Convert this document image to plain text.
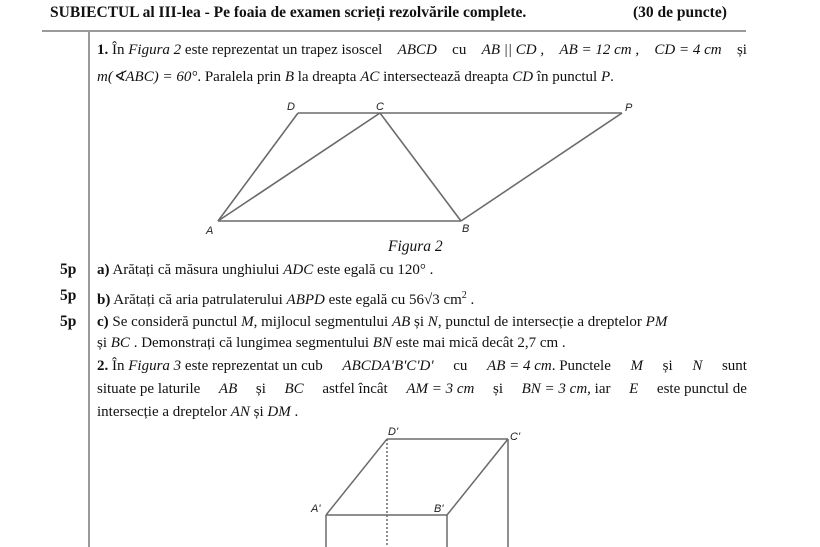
SUBIECTUL al III-lea - Pe foaia de examen scrieți rezolvările complete.	(30 de puncte)
1. În Figura 2 este reprezentat un trapez isoscel ABCD cu AB || CD , AB = 12 cm , CD = 4 cm și
m(∢ABC) = 60°. Paralela prin B la dreapta AC intersectează dreapta CD în punctul P.
D	C	P
A	B
D'	C'
A'	B'
Figura 2
5p a) Arătați că măsura unghiului ADC este egală cu 120° .
5p b) Arătați că aria patrulaterului ABPD este egală cu 56√3 $cm^2$ .
5p c) Se consideră punctul M, mijlocul segmentului AB și N, punctul de intersecție a dreptelor PM
și BC . Demonstrați că lungimea segmentului BN este mai mică decât 2,7 cm .
2. În Figura 3 este reprezentat un cub ABCDA'B'C'D' cu AB = 4 cm. Punctele M și N sunt
situate pe laturile AB și BC astfel încât AM = 3 cm și BN = 3 cm, iar E este punctul de
intersecție a dreptelor AN și DM .
